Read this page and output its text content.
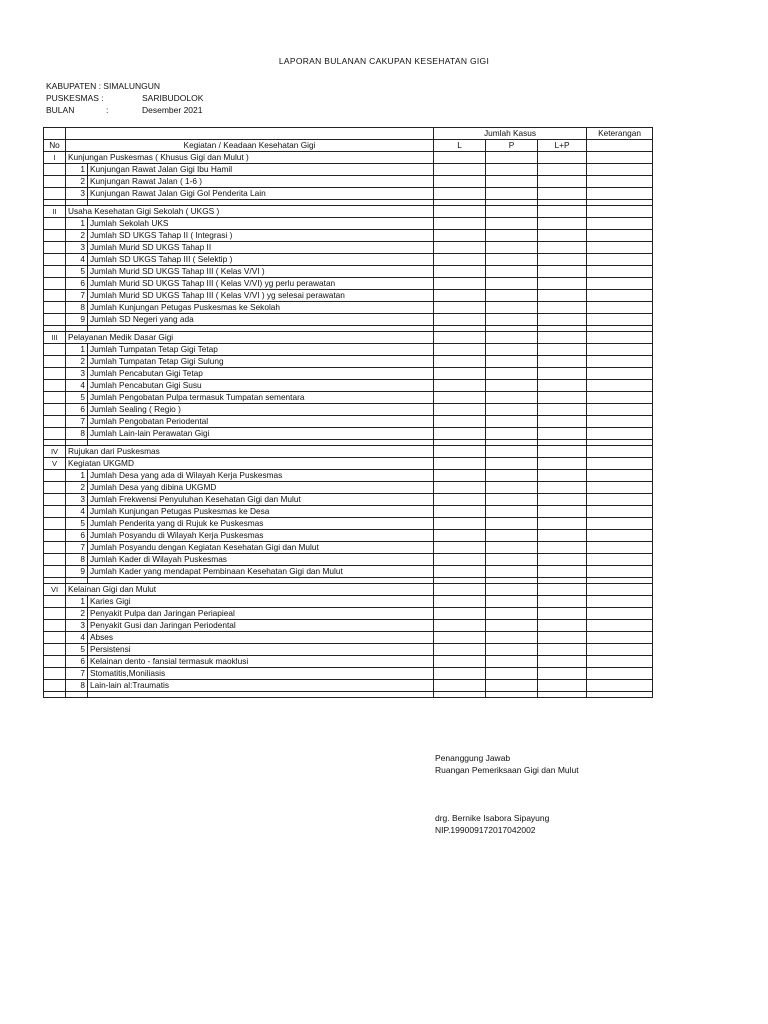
LAPORAN BULANAN CAKUPAN KESEHATAN GIGI
KABUPATEN : SIMALUNGUN
PUSKESMAS :	SARIBUDOLOK
BULAN	:	Desember 2021
			Jumlah Kasus			Keterangan
No	Kegiatan / Keadaan Kesehatan Gigi		L	P	L+P	
I	Kunjungan Puskesmas ( Khusus Gigi dan Mulut )					
	1	Kunjungan Rawat Jalan Gigi Ibu Hamil				
	2	Kunjungan Rawat Jalan ( 1-6 )				
	3	Kunjungan Rawat Jalan Gigi Gol Penderita Lain				

II	Usaha Kesehatan Gigi Sekolah ( UKGS )					
	1	Jumlah Sekolah UKS				
	2	Jumlah SD UKGS Tahap II ( Integrasi )				
	3	Jumlah Murid SD UKGS Tahap II				
	4	Jumlah SD UKGS Tahap III ( Selektip )				
	5	Jumlah Murid SD UKGS Tahap III ( Kelas V/VI )				
	6	Jumlah Murid SD UKGS Tahap III ( Kelas V/VI) yg perlu perawatan				
	7	Jumlah Murid SD UKGS Tahap III ( Kelas V/VI ) yg selesai perawatan				
	8	Jumlah Kunjungan Petugas Puskesmas ke Sekolah				
	9	Jumlah SD Negeri yang ada				

III	Pelayanan Medik Dasar Gigi					
	1	Jumlah Tumpatan Tetap Gigi Tetap				
	2	Jumlah Tumpatan Tetap Gigi Sulung				
	3	Jumlah Pencabutan Gigi Tetap				
	4	Jumlah Pencabutan Gigi Susu				
	5	Jumlah Pengobatan Pulpa termasuk Tumpatan sementara				
	6	Jumlah Sealing ( Regio )				
	7	Jumlah Pengobatan Periodental				
	8	Jumlah Lain-lain Perawatan Gigi				

IV	Rujukan dari Puskesmas					
V	Kegiatan UKGMD					
	1	Jumlah Desa yang ada di Wilayah Kerja Puskesmas				
	2	Jumlah Desa yang dibina UKGMD				
	3	Jumlah Frekwensi Penyuluhan Kesehatan Gigi dan Mulut				
	4	Jumlah Kunjungan Petugas Puskesmas ke Desa				
	5	Jumlah Penderita yang di Rujuk ke Puskesmas				
	6	Jumlah Posyandu di Wilayah Kerja Puskesmas				
	7	Jumlah Posyandu dengan Kegiatan Kesehatan Gigi dan Mulut				
	8	Jumlah Kader di Wilayah Puskesmas				
	9	Jumlah Kader yang mendapat Pembinaan Kesehatan Gigi dan Mulut				

VI	Kelainan Gigi dan Mulut					
	1	Karies Gigi				
	2	Penyakit Pulpa dan Jaringan Periapieal				
	3	Penyakit Gusi dan Jaringan Periodental				
	4	Abses				
	5	Persistensi				
	6	Kelainan dento - fansial termasuk maoklusi				
	7	Stomatitis,Moniliasis				
	8	Lain-lain al:Traumatis				

Penanggung Jawab
Ruangan Pemeriksaan Gigi dan Mulut
drg. Bernike Isabora Sipayung
NIP.199009172017042002
